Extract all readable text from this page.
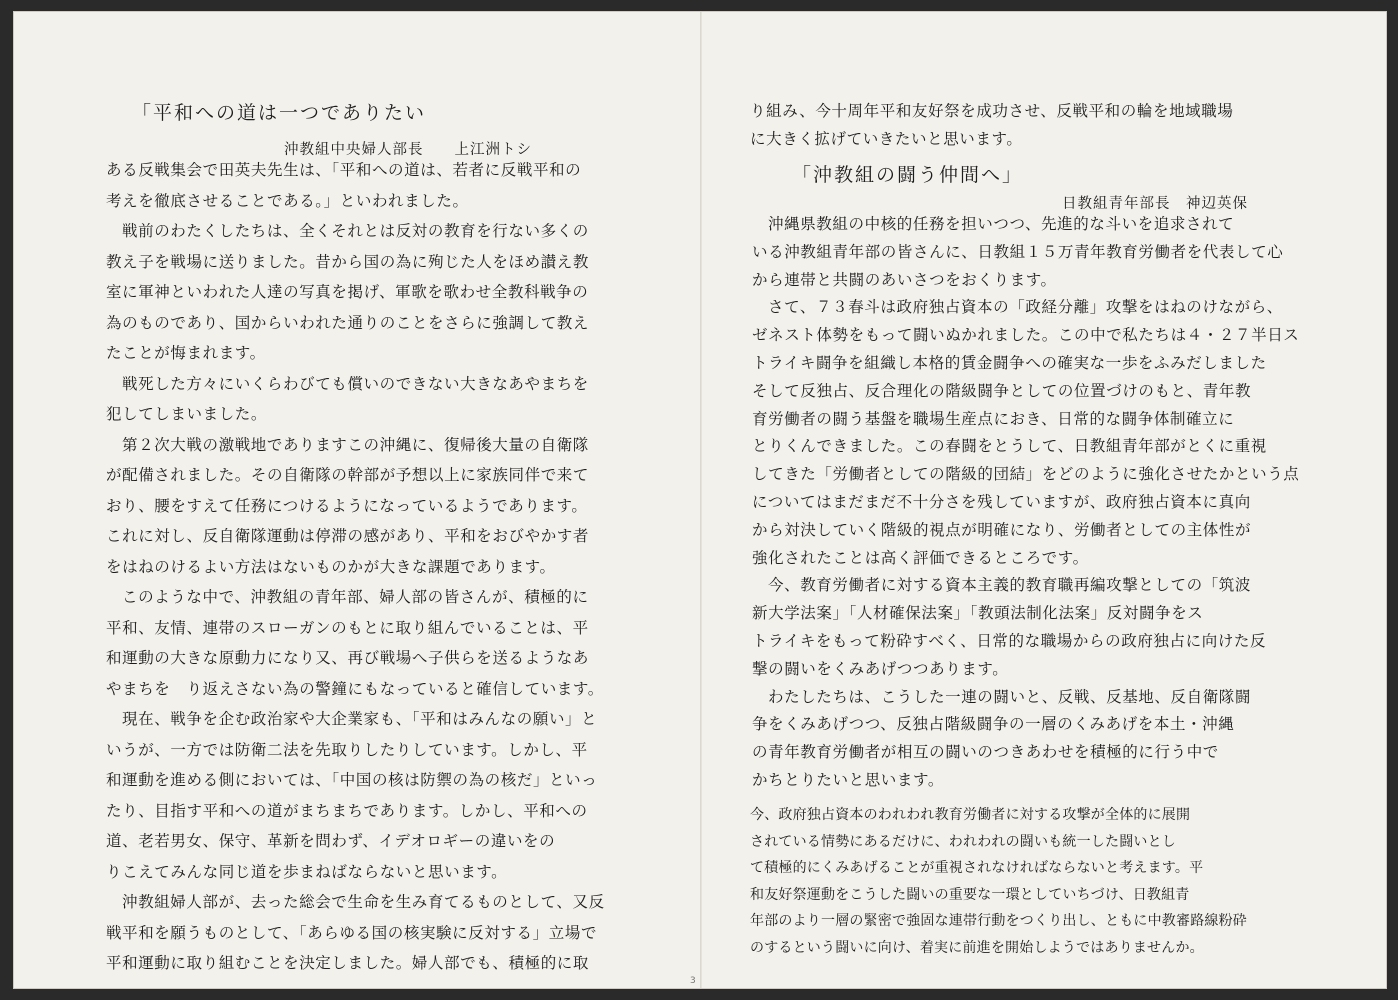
「平和への道は一つでありたい
沖教組中央婦人部長　　上江洲トシ
ある反戦集会で田英夫先生は、「平和への道は、若者に反戦平和の
考えを徹底させることである。」といわれました。
戦前のわたくしたちは、全くそれとは反対の教育を行ない多くの
教え子を戦場に送りました。昔から国の為に殉じた人をほめ讃え教
室に軍神といわれた人達の写真を掲げ、軍歌を歌わせ全教科戦争の
為のものであり、国からいわれた通りのことをさらに強調して教え
たことが悔まれます。
戦死した方々にいくらわびても償いのできない大きなあやまちを
犯してしまいました。
第２次大戦の激戦地でありますこの沖縄に、復帰後大量の自衛隊
が配備されました。その自衛隊の幹部が予想以上に家族同伴で来て
おり、腰をすえて任務につけるようになっているようであります。
これに対し、反自衛隊運動は停滞の感があり、平和をおびやかす者
をはねのけるよい方法はないものかが大きな課題であります。
このような中で、沖教組の青年部、婦人部の皆さんが、積極的に
平和、友情、連帯のスローガンのもとに取り組んでいることは、平
和運動の大きな原動力になり又、再び戦場へ子供らを送るようなあ
やまちを　り返えさない為の警鐘にもなっていると確信しています。
現在、戦争を企む政治家や大企業家も、「平和はみんなの願い」と
いうが、一方では防衛二法を先取りしたりしています。しかし、平
和運動を進める側においては、「中国の核は防禦の為の核だ」といっ
たり、目指す平和への道がまちまちであります。しかし、平和への
道、老若男女、保守、革新を問わず、イデオロギーの違いをの
りこえてみんな同じ道を歩まねばならないと思います。
沖教組婦人部が、去った総会で生命を生み育てるものとして、又反
戦平和を願うものとして、「あらゆる国の核実験に反対する」立場で
平和運動に取り組むことを決定しました。婦人部でも、積極的に取
り組み、今十周年平和友好祭を成功させ、反戦平和の輪を地域職場
に大きく拡げていきたいと思います。
「沖教組の闘う仲間へ」
日教組青年部長　神辺英保
沖縄県教組の中核的任務を担いつつ、先進的な斗いを追求されて
いる沖教組青年部の皆さんに、日教組１５万青年教育労働者を代表して心
から連帯と共闘のあいさつをおくります。
さて、７３春斗は政府独占資本の「政経分離」攻撃をはねのけながら、
ゼネスト体勢をもって闘いぬかれました。この中で私たちは４・２７半日ス
トライキ闘争を組織し本格的賃金闘争への確実な一歩をふみだしました
そして反独占、反合理化の階級闘争としての位置づけのもと、青年教
育労働者の闘う基盤を職場生産点におき、日常的な闘争体制確立に
とりくんできました。この春闘をとうして、日教組青年部がとくに重視
してきた「労働者としての階級的団結」をどのように強化させたかという点
についてはまだまだ不十分さを残していますが、政府独占資本に真向
から対決していく階級的視点が明確になり、労働者としての主体性が
強化されたことは高く評価できるところです。
今、教育労働者に対する資本主義的教育職再編攻撃としての「筑波
新大学法案」「人材確保法案」「教頭法制化法案」反対闘争をス
トライキをもって粉砕すべく、日常的な職場からの政府独占に向けた反
撃の闘いをくみあげつつあります。
わたしたちは、こうした一連の闘いと、反戦、反基地、反自衛隊闘
争をくみあげつつ、反独占階級闘争の一層のくみあげを本土・沖縄
の青年教育労働者が相互の闘いのつきあわせを積極的に行う中で
かちとりたいと思います。
今、政府独占資本のわれわれ教育労働者に対する攻撃が全体的に展開
されている情勢にあるだけに、われわれの闘いも統一した闘いとし
て積極的にくみあげることが重視されなければならないと考えます。平
和友好祭運動をこうした闘いの重要な一環としていちづけ、日教組青
年部のより一層の緊密で強固な連帯行動をつくり出し、ともに中教審路線粉砕
のするという闘いに向け、着実に前進を開始しようではありませんか。
3
